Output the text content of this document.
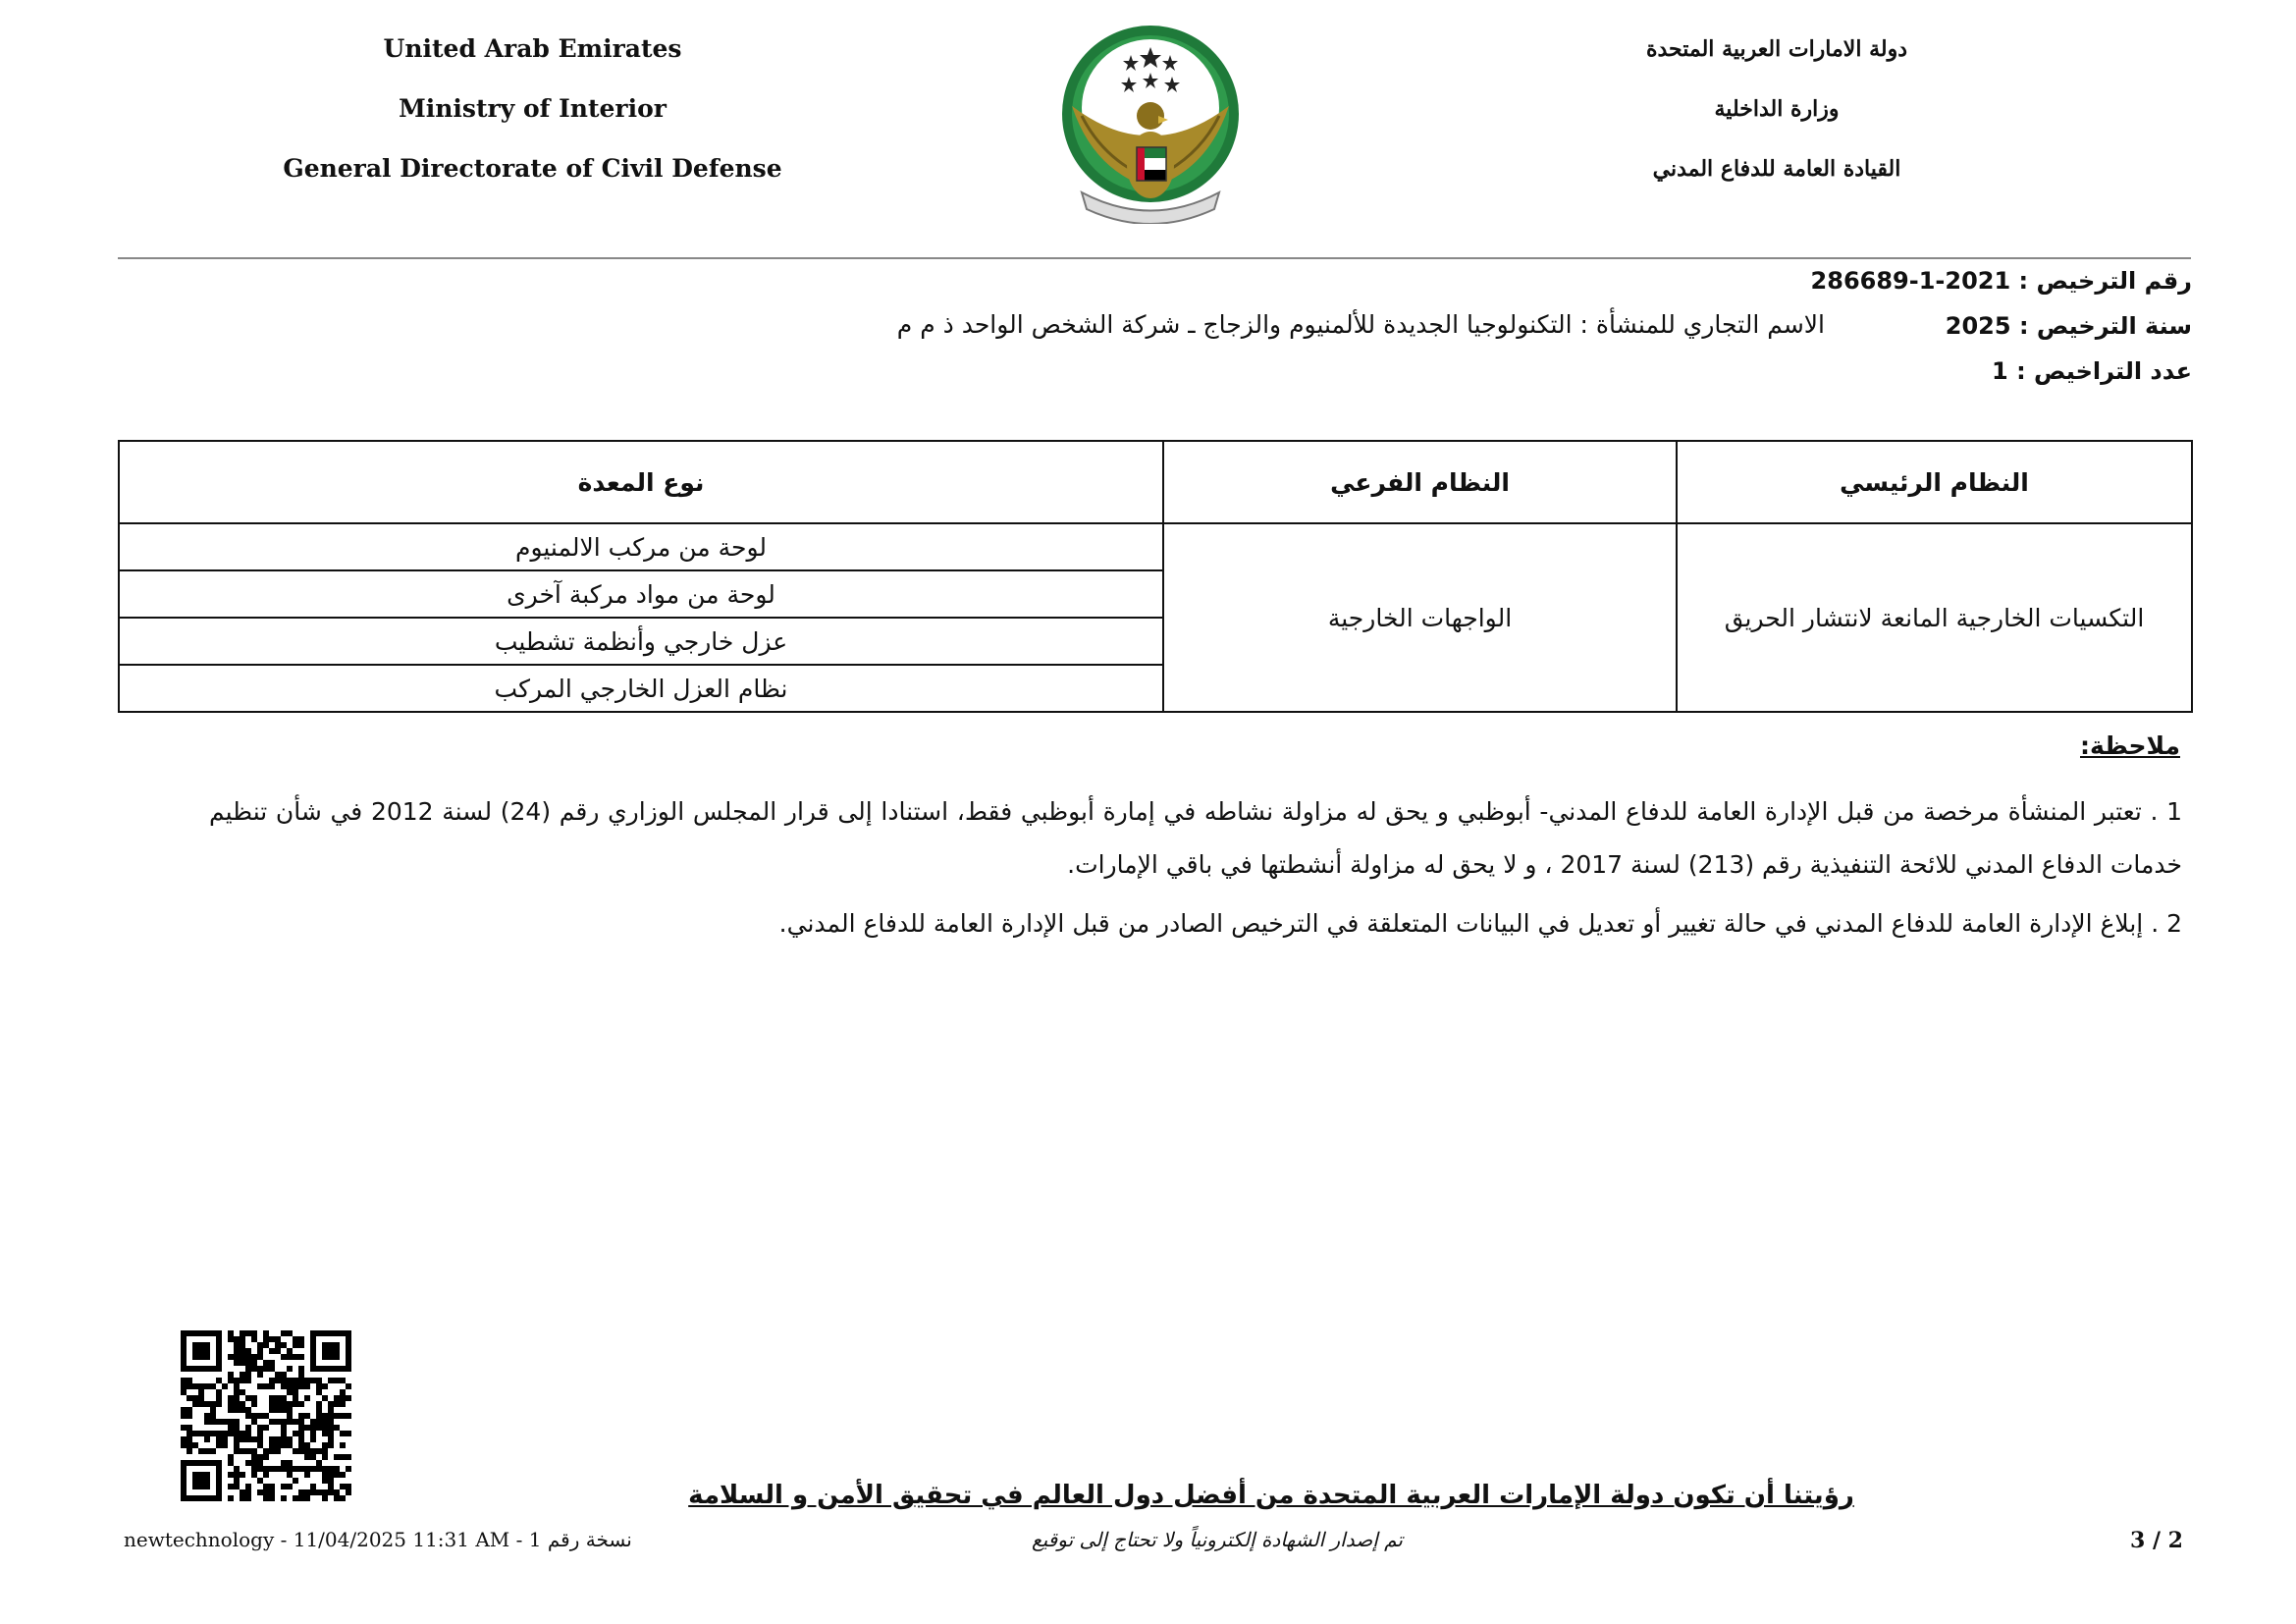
United Arab Emirates
Ministry of Interior
General Directorate of Civil Defense
دولة الامارات العربية المتحدة
وزارة الداخلية
القيادة العامة للدفاع المدني
رقم الترخيص : 286689-1-2021
سنة الترخيص : 2025
الاسم التجاري للمنشأة : التكنولوجيا الجديدة للألمنيوم والزجاج ـ شركة الشخص الواحد ذ م م
عدد التراخيص : 1
النظام الرئيسي	النظام الفرعي	نوع المعدة
التكسيات الخارجية المانعة لانتشار الحريق	الواجهات الخارجية	لوحة من مركب الالمنيوم
		لوحة من مواد مركبة آخرى
		عزل خارجي وأنظمة تشطيب
		نظام العزل الخارجي المركب
ملاحظة:
1 . تعتبر المنشأة مرخصة من قبل الإدارة العامة للدفاع المدني- أبوظبي و يحق له مزاولة نشاطه في إمارة أبوظبي فقط، استنادا إلى قرار المجلس الوزاري رقم (24) لسنة 2012 في شأن تنظيم خدمات الدفاع المدني للائحة التنفيذية رقم (213) لسنة 2017 ، و لا يحق له مزاولة أنشطتها في باقي الإمارات.
2 . إبلاغ الإدارة العامة للدفاع المدني في حالة تغيير أو تعديل في البيانات المتعلقة في الترخيص الصادر من قبل الإدارة العامة للدفاع المدني.
رؤيتنا أن تكون دولة الإمارات العربية المتحدة من أفضل دول العالم في تحقيق الأمن و السلامة
newtechnology - 11/04/2025 11:31 AM - نسخة رقم 1	تم إصدار الشهادة إلكترونياً ولا تحتاج إلى توقيع	3 / 2
